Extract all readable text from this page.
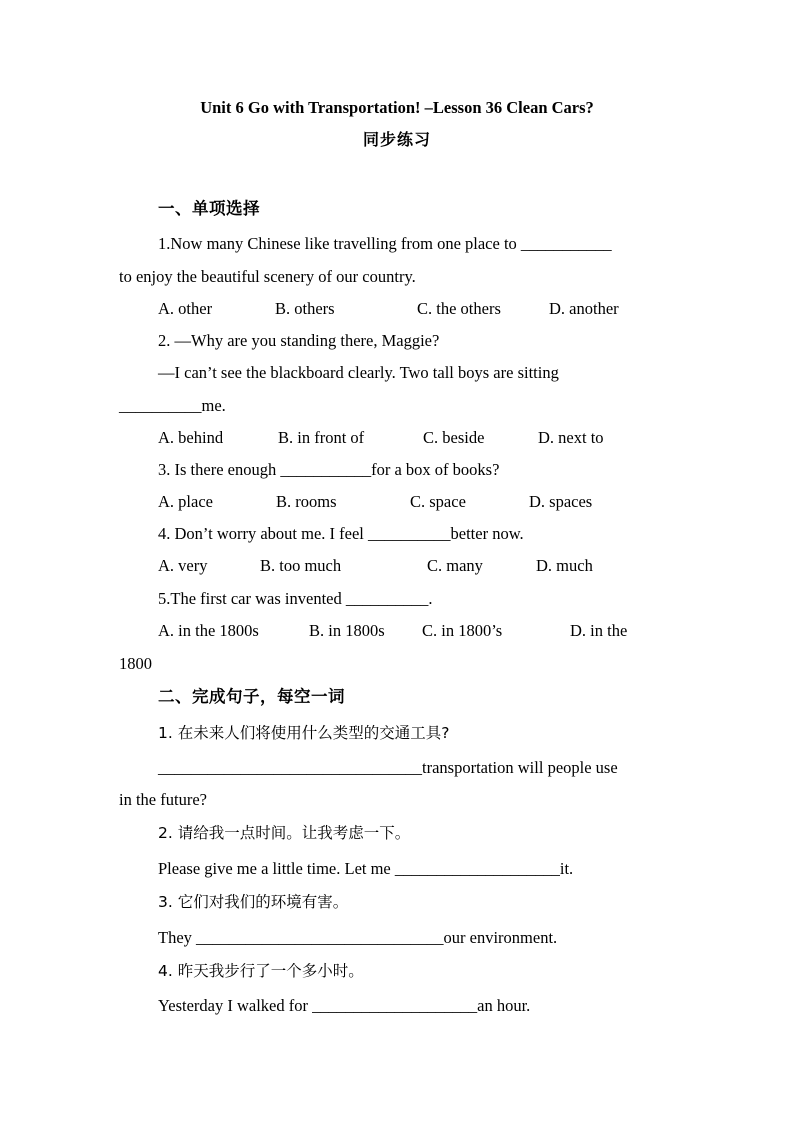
Unit 6 Go with Transportation! –Lesson 36 Clean Cars?
同步练习
一、单项选择
1.Now many Chinese like travelling from one place to ___________
to enjoy the beautiful scenery of our country.
A. other	B. others	C. the others	D. another
2. —Why are you standing there, Maggie?
—I can’t see the blackboard clearly. Two tall boys are sitting
__________me.
A. behind	B. in front of	C. beside	D. next to
3. Is there enough ___________for a box of books?
A. place	B. rooms	C. space	D. spaces
4. Don’t worry about me. I feel __________better now.
A. very	B. too much	C. many	D. much
5.The first car was invented __________.
A. in the 1800s	B. in 1800s C. in 1800’s	D. in the
1800
二、完成句子，每空一词
1. 在未来人们将使用什么类型的交通工具?
________________________________transportation will people use
in the future?
2. 请给我一点时间。让我考虑一下。
Please give me a little time. Let me ____________________it.
3. 它们对我们的环境有害。
They ______________________________our environment.
4. 昨天我步行了一个多小时。
Yesterday I walked for ____________________an hour.
